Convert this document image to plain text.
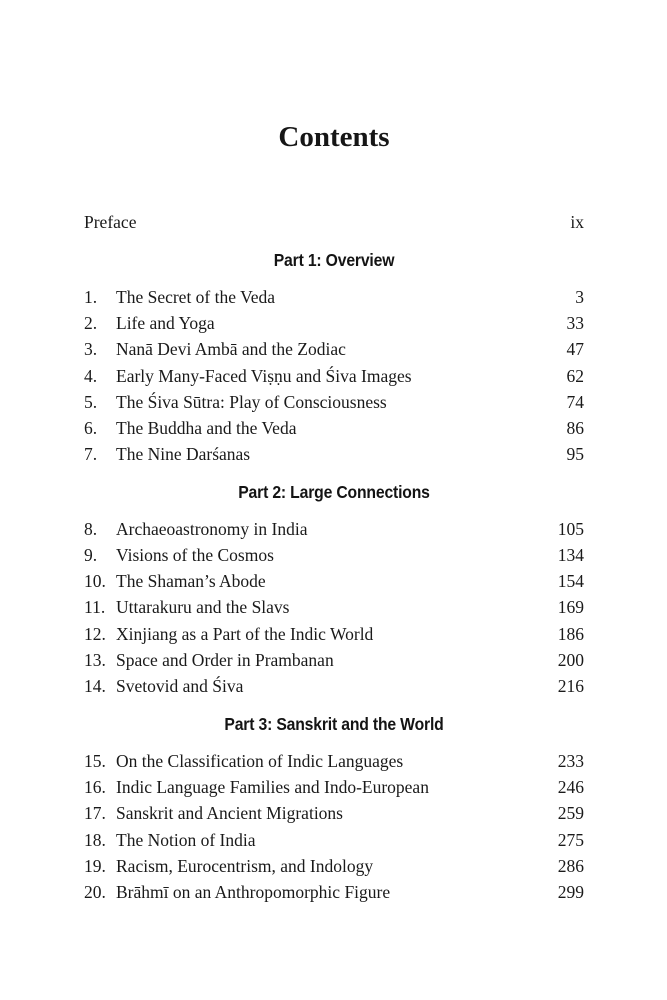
Contents
Preface	ix
Part 1: Overview
1. The Secret of the Veda	3
2. Life and Yoga	33
3. Nanā Devi Ambā and the Zodiac	47
4. Early Many-Faced Viṣṇu and Śiva Images	62
5. The Śiva Sūtra: Play of Consciousness	74
6. The Buddha and the Veda	86
7. The Nine Darśanas	95
Part 2: Large Connections
8. Archaeoastronomy in India	105
9. Visions of the Cosmos	134
10. The Shaman’s Abode	154
11. Uttarakuru and the Slavs	169
12. Xinjiang as a Part of the Indic World	186
13. Space and Order in Prambanan	200
14. Svetovid and Śiva	216
Part 3: Sanskrit and the World
15. On the Classification of Indic Languages	233
16. Indic Language Families and Indo-European	246
17. Sanskrit and Ancient Migrations	259
18. The Notion of India	275
19. Racism, Eurocentrism, and Indology	286
20. Brāhmī on an Anthropomorphic Figure	299
